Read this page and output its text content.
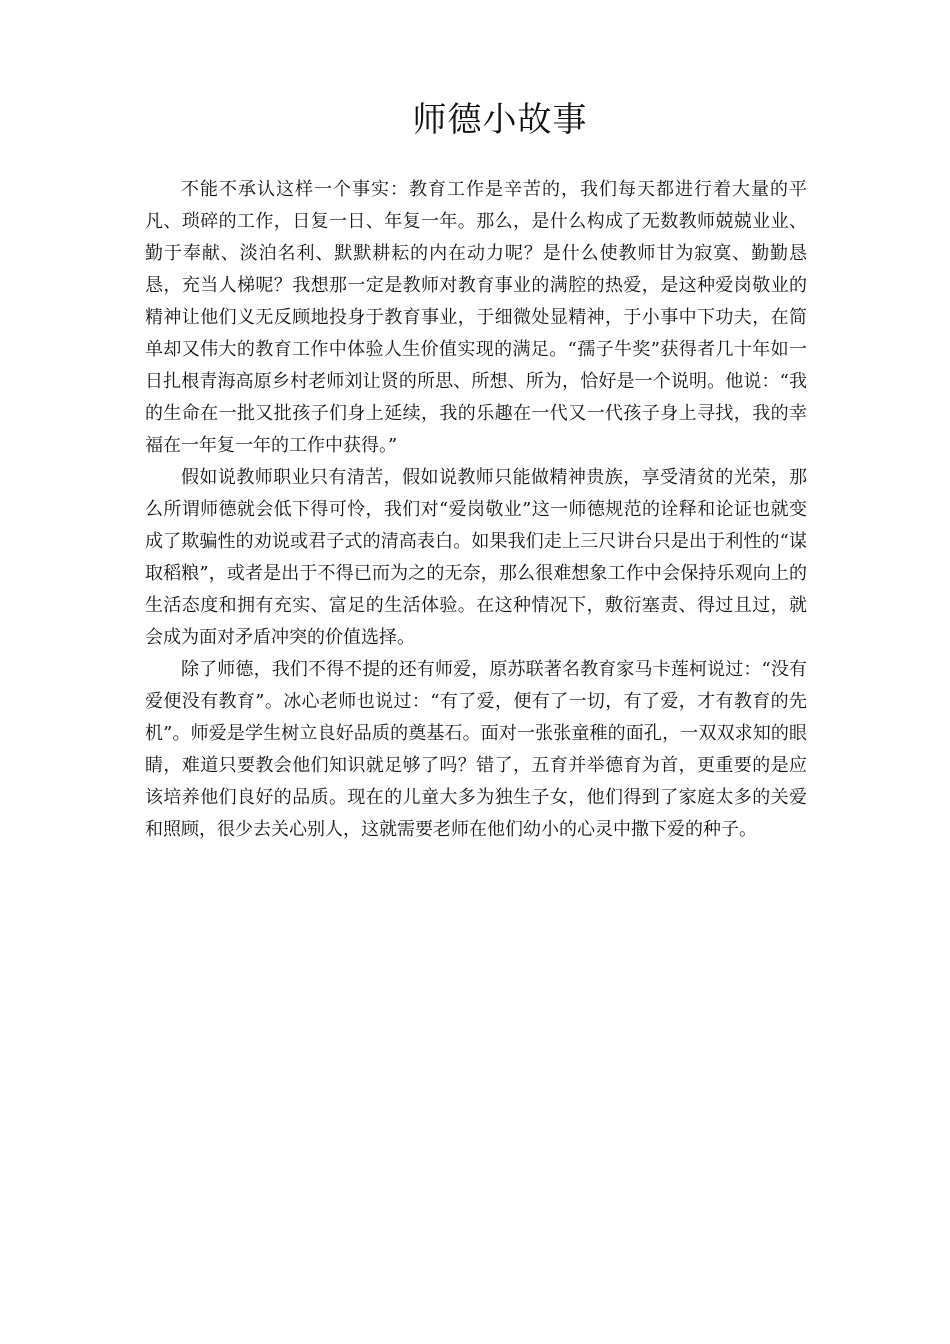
师德小故事

不能不承认这样一个事实：教育工作是辛苦的，我们每天都进行着大量的平凡、琐碎的工作，日复一日、年复一年。那么，是什么构成了无数教师兢兢业业、勤于奉献、淡泊名利、默默耕耘的内在动力呢？是什么使教师甘为寂寞、勤勤恳恳，充当人梯呢？我想那一定是教师对教育事业的满腔的热爱，是这种爱岗敬业的精神让他们义无反顾地投身于教育事业，于细微处显精神，于小事中下功夫，在简单却又伟大的教育工作中体验人生价值实现的满足。“孺子牛奖”获得者几十年如一日扎根青海高原乡村老师刘让贤的所思、所想、所为，恰好是一个说明。他说：“我的生命在一批又批孩子们身上延续，我的乐趣在一代又一代孩子身上寻找，我的幸福在一年复一年的工作中获得。”

假如说教师职业只有清苦，假如说教师只能做精神贵族，享受清贫的光荣，那么所谓师德就会低下得可怜，我们对“爱岗敬业”这一师德规范的诠释和论证也就变成了欺骗性的劝说或君子式的清高表白。如果我们走上三尺讲台只是出于利性的“谋取稻粮”，或者是出于不得已而为之的无奈，那么很难想象工作中会保持乐观向上的生活态度和拥有充实、富足的生活体验。在这种情况下，敷衍塞责、得过且过，就会成为面对矛盾冲突的价值选择。

除了师德，我们不得不提的还有师爱，原苏联著名教育家马卡莲柯说过：“没有爱便没有教育”。冰心老师也说过：“有了爱，便有了一切，有了爱，才有教育的先机”。师爱是学生树立良好品质的奠基石。面对一张张童稚的面孔，一双双求知的眼睛，难道只要教会他们知识就足够了吗？错了，五育并举德育为首，更重要的是应该培养他们良好的品质。现在的儿童大多为独生子女，他们得到了家庭太多的关爱和照顾，很少去关心别人，这就需要老师在他们幼小的心灵中撒下爱的种子。
